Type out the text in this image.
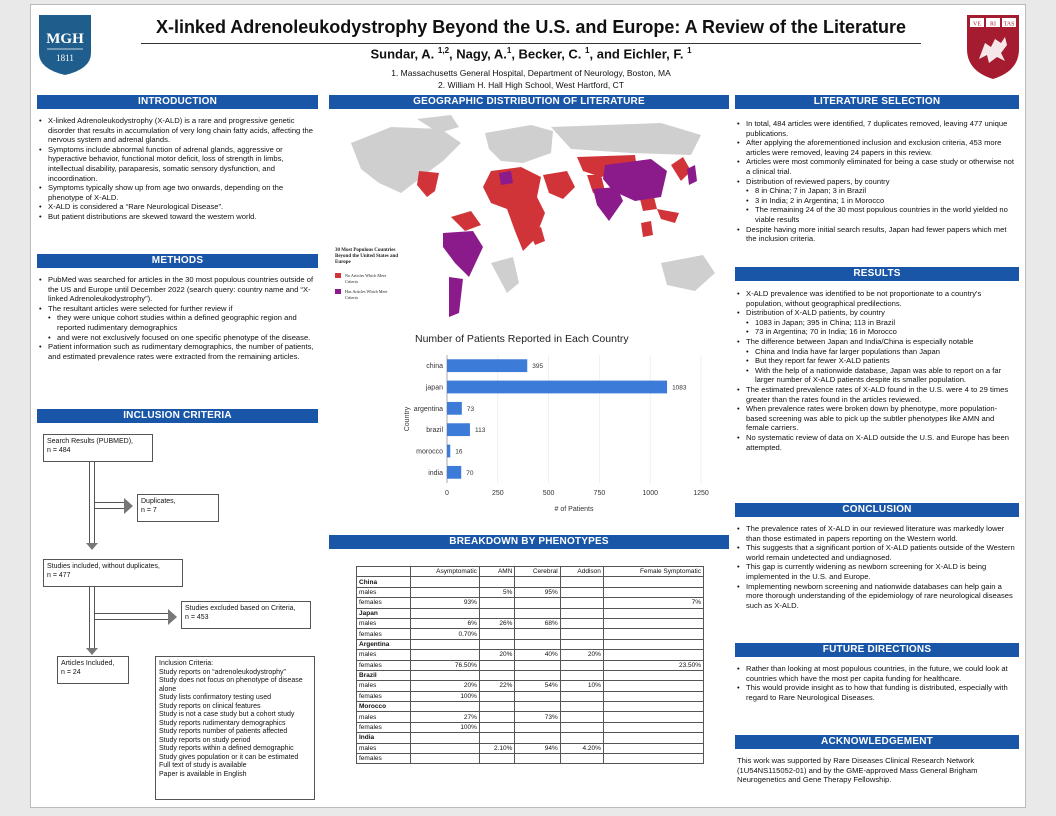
MGH
1811
VE RI TAS
X-linked Adrenoleukodystrophy Beyond the U.S. and Europe: A Review of the Literature
Sundar, A. $^{1,2}$, Nagy, A.$^1$, Becker, C. $^1$, and Eichler, F. $^1$
1. Massachusetts General Hospital, Department of Neurology, Boston, MA
2. William H. Hall High School, West Hartford, CT
INTRODUCTION
• X-linked Adrenoleukodystrophy (X-ALD) is a rare and progressive genetic disorder that results in accumulation of very long chain fatty acids, affecting the nervous system and adrenal glands.
• Symptoms include abnormal function of adrenal glands, aggressive or hyperactive behavior, functional motor deficit, loss of strength in limbs, intellectual disability, paraparesis, somatic sensory dysfunction, and incoordination.
• Symptoms typically show up from age two onwards, depending on the phenotype of X-ALD.
• X-ALD is considered a “Rare Neurological Disease”.
• But patient distributions are skewed toward the western world.
METHODS
• PubMed was searched for articles in the 30 most populous countries outside of the US and Europe until December 2022 (search query: country name and “X-linked Adrenoleukodystrophy”).
• The resultant articles were selected for further review if
• they were unique cohort studies within a defined geographic region and reported rudimentary demographics
• and were not exclusively focused on one specific phenotype of the disease.
• Patient information such as rudimentary demographics, the number of patients, and estimated prevalence rates were extracted from the remaining articles.
INCLUSION CRITERIA
Search Results (PUBMED),
n = 484
Duplicates,
n = 7
Studies included, without duplicates,
n = 477
Studies excluded based on Criteria,
n = 453
Articles Included,
n = 24
Inclusion Criteria:
Study reports on “adrenoleukodystrophy”
Study does not focus on phenotype of disease alone
Study lists confirmatory testing used
Study reports on clinical features
Study is not a case study but a cohort study
Study reports rudimentary demographics
Study reports number of patients affected
Study reports on study period
Study reports within a defined demographic
Study gives population or it can be estimated
Full text of study is available
Paper is available in English
GEOGRAPHIC DISTRIBUTION OF LITERATURE
30 Most Populous Countries Beyond the United States and Europe
No Articles Which Meet Criteria
Has Articles Which Meet Criteria
Number of Patients Reported in Each Country
0	250	500	750	1000	1250
china	395
japan	1083
argentina	73
brazil	113
morocco 16
india	70
# of Patients
Country
BREAKDOWN BY PHENOTYPES
	Asymptomatic	AMN	Cerebral	Addison	Female Symptomatic
China					
males		5%	95%		
females	93%				7%
Japan					
males	6%	26%	68%		
females	0.70%				
Argentina					
males		20%	40%	20%	
females	76.50%				23.50%
Brazil					
males	20%	22%	54%	10%	
females	100%				
Morocco					
males	27%		73%		
females	100%				
India					
males		2.10%	94%	4.20%	
females					
LITERATURE SELECTION
• In total, 484 articles were identified, 7 duplicates removed, leaving 477 unique publications.
• After applying the aforementioned inclusion and exclusion criteria, 453 more articles were removed, leaving 24 papers in this review.
• Articles were most commonly eliminated for being a case study or otherwise not a clinical trial.
• Distribution of reviewed papers, by country
• 8 in China; 7 in Japan; 3 in Brazil
• 3 in India; 2 in Argentina; 1 in Morocco
• The remaining 24 of the 30 most populous countries in the world yielded no viable results
• Despite having more initial search results, Japan had fewer papers which met the inclusion criteria.
RESULTS
• X-ALD prevalence was identified to be not proportionate to a country's population, without geographical predilections.
• Distribution of X-ALD patients, by country
• 1083 in Japan; 395 in China; 113 in Brazil
• 73 in Argentina; 70 in India; 16 in Morocco
• The difference between Japan and India/China is especially notable
• China and India have far larger populations than Japan
• But they report far fewer X-ALD patients
• With the help of a nationwide database, Japan was able to report on a far larger number of X-ALD patients despite its smaller population.
• The estimated prevalence rates of X-ALD found in the U.S. were 4 to 29 times greater than the rates found in the articles reviewed.
• When prevalence rates were broken down by phenotype, more population-based screening was able to pick up the subtler phenotypes like AMN and female carriers.
• No systematic review of data on X-ALD outside the U.S. and Europe has been attempted.
CONCLUSION
• The prevalence rates of X-ALD in our reviewed literature was markedly lower than those estimated in papers reporting on the Western world.
• This suggests that a significant portion of X-ALD patients outside of the Western world remain undetected and undiagnosed.
• This gap is currently widening as newborn screening for X-ALD is being implemented in the U.S. and Europe.
• Implementing newborn screening and nationwide databases can help gain a more thorough understanding of the epidemiology of rare neurological diseases such as X-ALD.
FUTURE DIRECTIONS
• Rather than looking at most populous countries, in the future, we could look at countries which have the most per capita funding for healthcare.
• This would provide insight as to how that funding is distributed, especially with regard to Rare Neurological Diseases.
ACKNOWLEDGEMENT
This work was supported by Rare Diseases Clinical Research Network (1U54NS115052-01) and by the GME-approved Mass General Brigham Neurogenetics and Gene Therapy Fellowship.
